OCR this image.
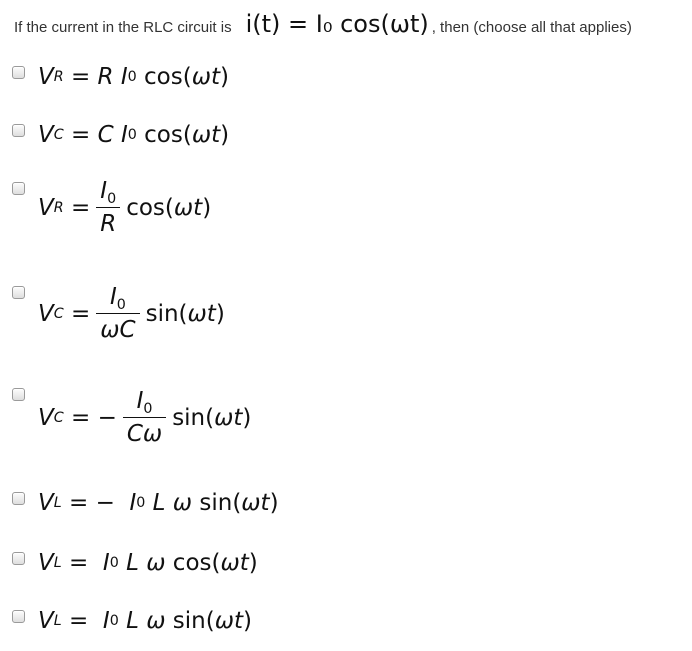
If the current in the RLC circuit is i(t) = I₀ cos(ωt) , then (choose all that applies)
V R = R I 0 cos( ωt )
V C = C I 0 cos( ωt )
V $R = \frac{I_0}{R} \cos$( ωt )
V $C = \frac{I_0}{\omega C} \sin$( ωt )
V C = − $\frac{I_0}{C\omega} \sin$( ωt )
V L = − I 0
L ω sin( ωt )
V L = I 0
L ω cos( ωt )
V L = I 0
L ω sin( ωt )
